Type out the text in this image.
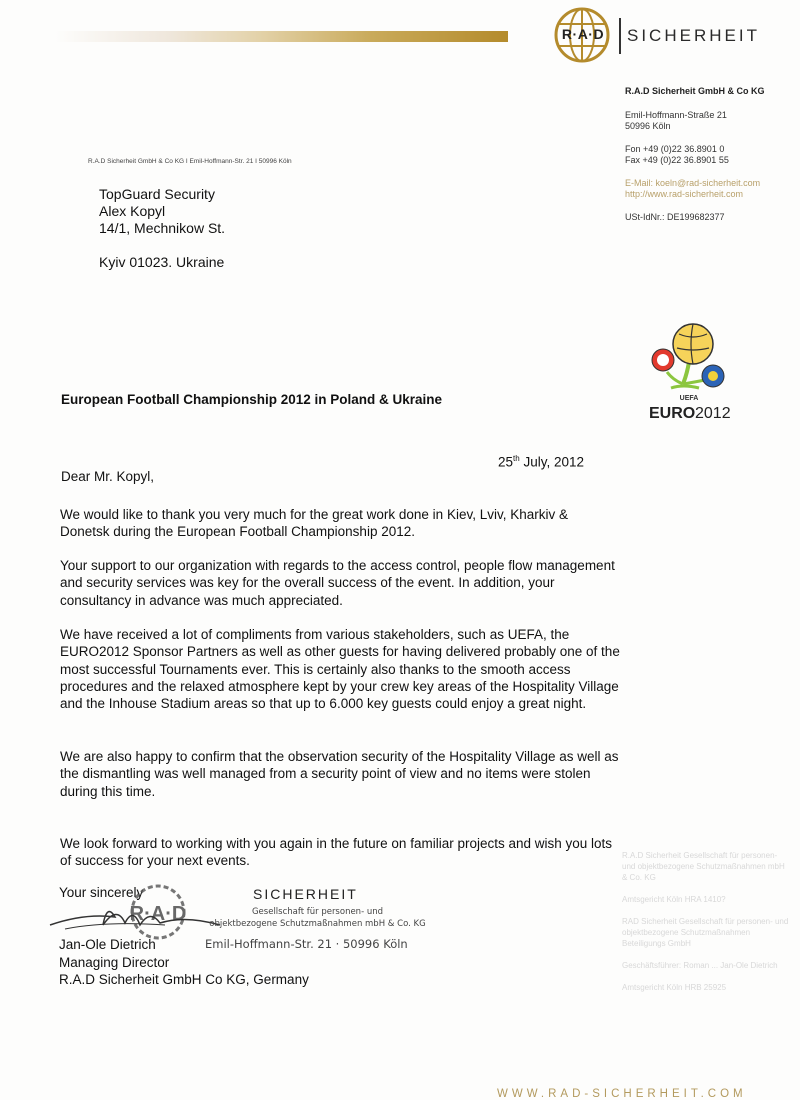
R·A·D	SICHERHEIT
R.A.D Sicherheit GmbH & Co KG
Emil-Hoffmann-Straße 21
50996 Köln
Fon +49 (0)22 36.8901 0
Fax +49 (0)22 36.8901 55
E-Mail: koeln@rad-sicherheit.com
http://www.rad-sicherheit.com
USt-IdNr.: DE199682377
R.A.D Sicherheit GmbH & Co KG I Emil-Hoffmann-Str. 21 I 50996 Köln
TopGuard Security
Alex Kopyl
14/1, Mechnikow St.
Kyiv 01023. Ukraine
UEFA
EURO 2012
European Football Championship 2012 in Poland & Ukraine
25th July, 2012
Dear Mr. Kopyl,

We would like to thank you very much for the great work done in Kiev, Lviv, Kharkiv & Donetsk during the European Football Championship 2012.

Your support to our organization with regards to the access control, people flow management and security services was key for the overall success of the event. In addition, your consultancy in advance was much appreciated.

We have received a lot of compliments from various stakeholders, such as UEFA, the EURO2012 Sponsor Partners as well as other guests for having delivered probably one of the most successful Tournaments ever. This is certainly also thanks to the smooth access procedures and the relaxed atmosphere kept by your crew key areas of the Hospitality Village and the Inhouse Stadium areas so that up to 6.000 key guests could enjoy a great night.

We are also happy to confirm that the observation security of the Hospitality Village as well as the dismantling was well managed from a security point of view and no items were stolen during this time.

We look forward to working with you again in the future on familiar projects and wish you lots of success for your next events.

Your sincerely
R·A·D
SICHERHEIT
Gesellschaft für personen- und
objektbezogene Schutzmaßnahmen mbH & Co. KG
Emil-Hoffmann-Str. 21 · 50996 Köln
Jan-Ole Dietrich
Managing Director
R.A.D Sicherheit GmbH Co KG, Germany
R.A.D Sicherheit Gesellschaft für personen- und objektbezogene Schutzmaßnahmen mbH & Co. KG
Amtsgericht Köln HRA 1410?
RAD Sicherheit Gesellschaft für personen- und objektbezogene Schutzmaßnahmen Beteiligungs GmbH
Geschäftsführer: Roman ... Jan-Ole Dietrich
Amtsgericht Köln HRB 25925
WWW.RAD-SICHERHEIT.COM
